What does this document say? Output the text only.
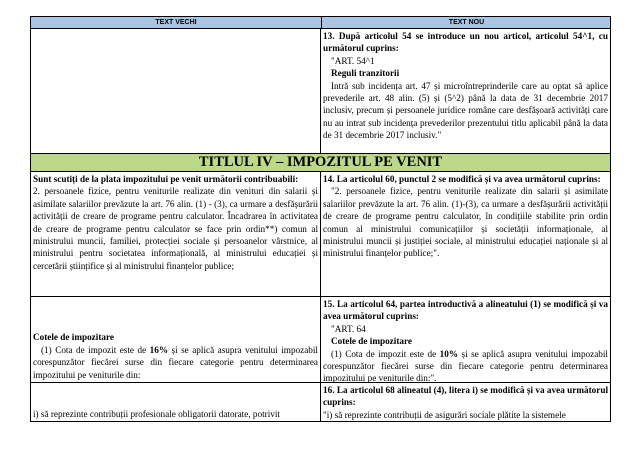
TEXT VECHI	TEXT NOU

13. După articolul 54 se introduce un nou articol, articolul 54^1, cu următorul cuprins:

"ART. 54^1

Reguli tranzitorii

Intră sub incidența art. 47 și microîntreprinderile care au optat să aplice prevederile art. 48 alin. (5) și (5^2) până la data de 31 decembrie 2017 inclusiv, precum și persoanele juridice române care desfășoară activități care nu au intrat sub incidența prevederilor prezentului titlu aplicabil până la data de 31 decembrie 2017 inclusiv."

TITLUL IV – IMPOZITUL PE VENIT

Sunt scutiți de la plata impozitului pe venit următorii contribuabili:

2. persoanele fizice, pentru veniturile realizate din venituri din salarii și asimilate salariilor prevăzute la art. 76 alin. (1) - (3), ca urmare a desfășurării activității de creare de programe pentru calculator. Încadrarea în activitatea de creare de programe pentru calculator se face prin ordin**) comun al ministrului muncii, familiei, protecției sociale și persoanelor vârstnice, al ministrului pentru societatea informațională, al ministrului educației și cercetării științifice și al ministrului finanțelor publice;

14. La articolul 60, punctul 2 se modifică și va avea următorul cuprins:

"2. persoanele fizice, pentru veniturile realizate din salarii și asimilate salariilor prevăzute la art. 76 alin. (1)-(3), ca urmare a desfășurării activității de creare de programe pentru calculator, în condițiile stabilite prin ordin comun al ministrului comunicațiilor și societății informaționale, al ministrului muncii și justiției sociale, al ministrului educației naționale și al ministrului finanțelor publice;".

Cotele de impozitare

(1) Cota de impozit este de 16% și se aplică asupra venitului impozabil corespunzător fiecărei surse din fiecare categorie pentru determinarea impozitului pe veniturile din:

15. La articolul 64, partea introductivă a alineatului (1) se modifică și va avea următorul cuprins:

"ART. 64

Cotele de impozitare

(1) Cota de impozit este de 10% și se aplică asupra venitului impozabil corespunzător fiecărei surse din fiecare categorie pentru determinarea impozitului pe veniturile din:".

i) să reprezinte contribuții profesionale obligatorii datorate, potrivit

16. La articolul 68 alineatul (4), litera i) se modifică și va avea următorul cuprins:

"i) să reprezinte contribuții de asigurări sociale plătite la sistemele
